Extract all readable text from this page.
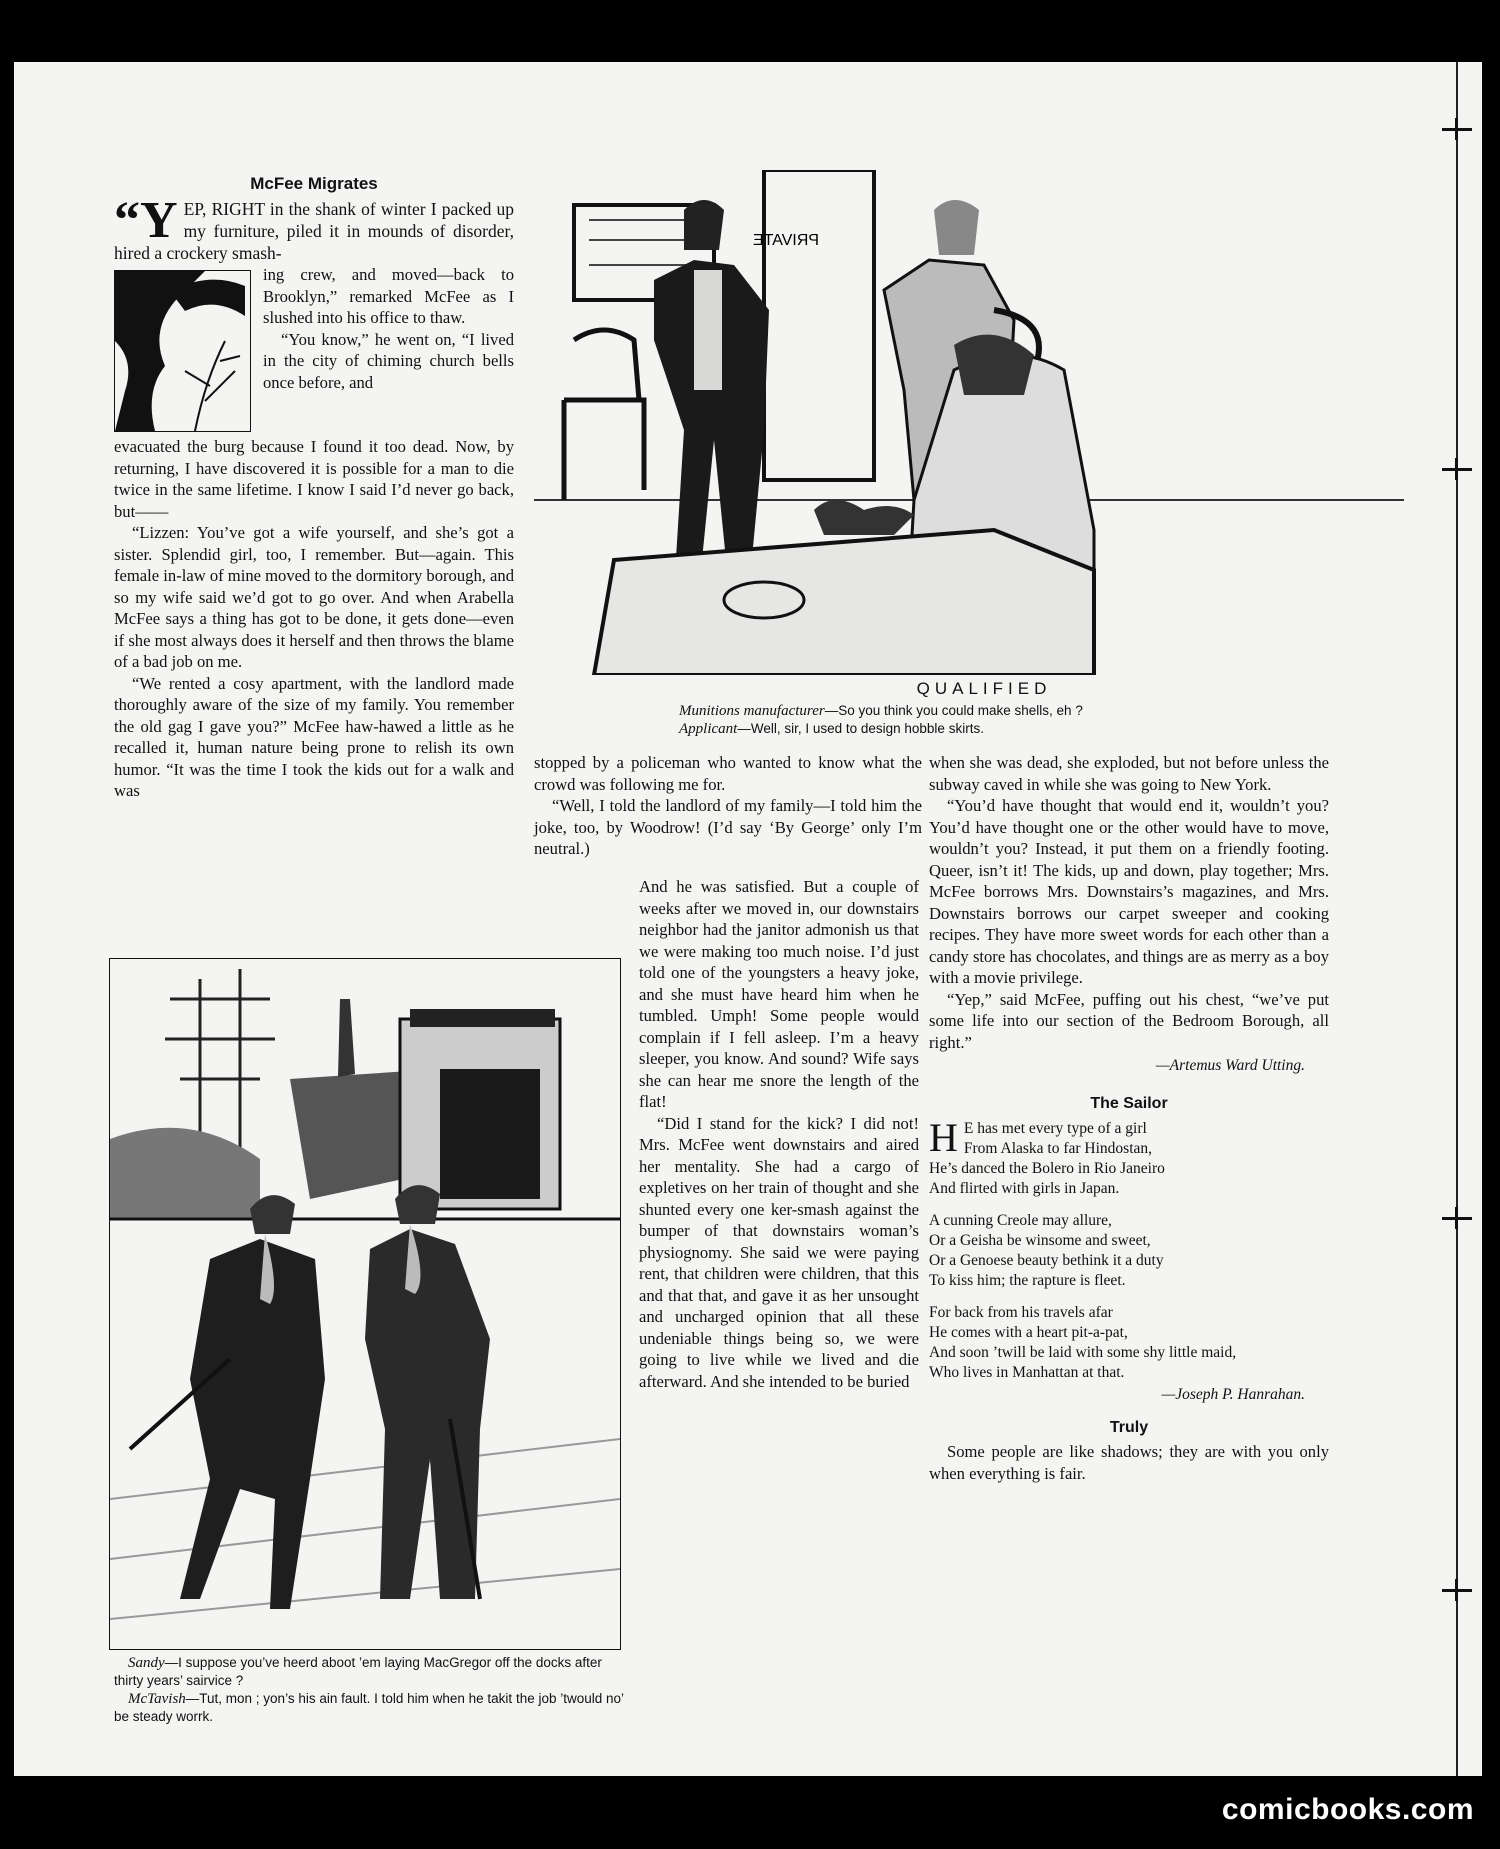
McFee Migrates
“YEP, RIGHT in the shank of winter I packed up my furniture, piled it in mounds of disorder, hired a crockery smash-
ing crew, and moved—back to Brooklyn,” remarked McFee as I slushed into his office to thaw.

“You know,” he went on, “I lived in the city of chiming church bells once before, and

evacuated the burg because I found it too dead. Now, by returning, I have discovered it is possible for a man to die twice in the same lifetime. I know I said I’d never go back, but——

“Lizzen: You’ve got a wife yourself, and she’s got a sister. Splendid girl, too, I remember. But—again. This female in-law of mine moved to the dormitory borough, and so my wife said we’d got to go over. And when Arabella McFee says a thing has got to be done, it gets done—even if she most always does it herself and then throws the blame of a bad job on me.

“We rented a cosy apartment, with the landlord made thoroughly aware of the size of my family. You remember the old gag I gave you?” McFee haw-hawed a little as he recalled it, human nature being prone to relish its own humor. “It was the time I took the kids out for a walk and was

PRIVATE
QUALIFIED
Munitions manufacturer—So you think you could make shells, eh ?
Applicant—Well, sir, I used to design hobble skirts.

stopped by a policeman who wanted to know what the crowd was following me for.

“Well, I told the landlord of my family—I told him the joke, too, by Woodrow! (I’d say ‘By George’ only I’m neutral.)

And he was satisfied. But a couple of weeks after we moved in, our downstairs neighbor had the janitor admonish us that we were making too much noise. I’d just told one of the youngsters a heavy joke, and she must have heard him when he tumbled. Umph! Some people would complain if I fell asleep. I’m a heavy sleeper, you know. And sound? Wife says she can hear me snore the length of the flat!

“Did I stand for the kick? I did not! Mrs. McFee went downstairs and aired her mentality. She had a cargo of expletives on her train of thought and she shunted every one ker-smash against the bumper of that downstairs woman’s physiognomy. She said we were paying rent, that children were children, that this and that that, and gave it as her unsought and uncharged opinion that all these undeniable things being so, we were going to live while we lived and die afterward. And she intended to be buried

when she was dead, she exploded, but not before unless the subway caved in while she was going to New York.

“You’d have thought that would end it, wouldn’t you? You’d have thought one or the other would have to move, wouldn’t you? Instead, it put them on a friendly footing. Queer, isn’t it! The kids, up and down, play together; Mrs. McFee borrows Mrs. Downstairs’s magazines, and Mrs. Downstairs borrows our carpet sweeper and cooking recipes. They have more sweet words for each other than a candy store has chocolates, and things are as merry as a boy with a movie privilege.

“Yep,” said McFee, puffing out his chest, “we’ve put some life into our section of the Bedroom Borough, all right.”

—Artemus Ward Utting.
The Sailor
H E has met every type of a girl
From Alaska to far Hindostan,
He’s danced the Bolero in Rio Janeiro
And flirted with girls in Japan.
A cunning Creole may allure,
Or a Geisha be winsome and sweet,
Or a Genoese beauty bethink it a duty
To kiss him; the rapture is fleet.
For back from his travels afar
He comes with a heart pit-a-pat,
And soon ’twill be laid with some shy little maid,
Who lives in Manhattan at that.
—Joseph P. Hanrahan.
Truly

Some people are like shadows; they are with you only when everything is fair.

Sandy—I suppose you’ve heerd aboot ’em laying MacGregor off the docks after thirty years’ sairvice ?
McTavish—Tut, mon ; yon’s his ain fault. I told him when he takit the job ’twould no’ be steady worrk.
comicbooks.com
